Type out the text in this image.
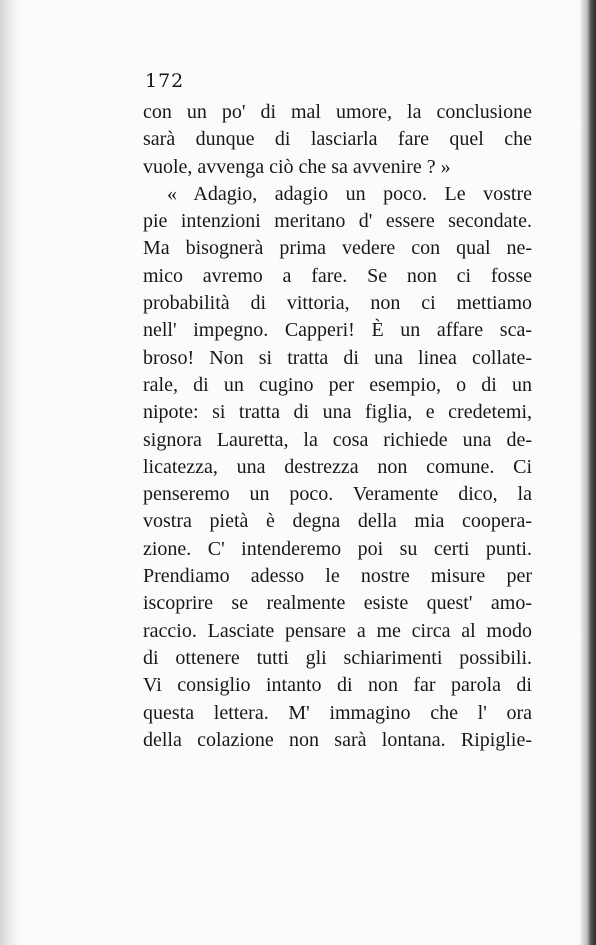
172
con un po' di mal umore, la conclusione
sarà dunque di lasciarla fare quel che
vuole, avvenga ciò che sa avvenire ? »
« Adagio, adagio un poco. Le vostre
pie intenzioni meritano d' essere secondate.
Ma bisognerà prima vedere con qual ne-
mico avremo a fare. Se non ci fosse
probabilità di vittoria, non ci mettiamo
nell' impegno. Capperi! È un affare sca-
broso! Non si tratta di una linea collate-
rale, di un cugino per esempio, o di un
nipote: si tratta di una figlia, e credetemi,
signora Lauretta, la cosa richiede una de-
licatezza, una destrezza non comune. Ci
penseremo un poco. Veramente dico, la
vostra pietà è degna della mia coopera-
zione. C' intenderemo poi su certi punti.
Prendiamo adesso le nostre misure per
iscoprire se realmente esiste quest' amo-
raccio. Lasciate pensare a me circa al modo
di ottenere tutti gli schiarimenti possibili.
Vi consiglio intanto di non far parola di
questa lettera. M' immagino che l' ora
della colazione non sarà lontana. Ripiglie-
